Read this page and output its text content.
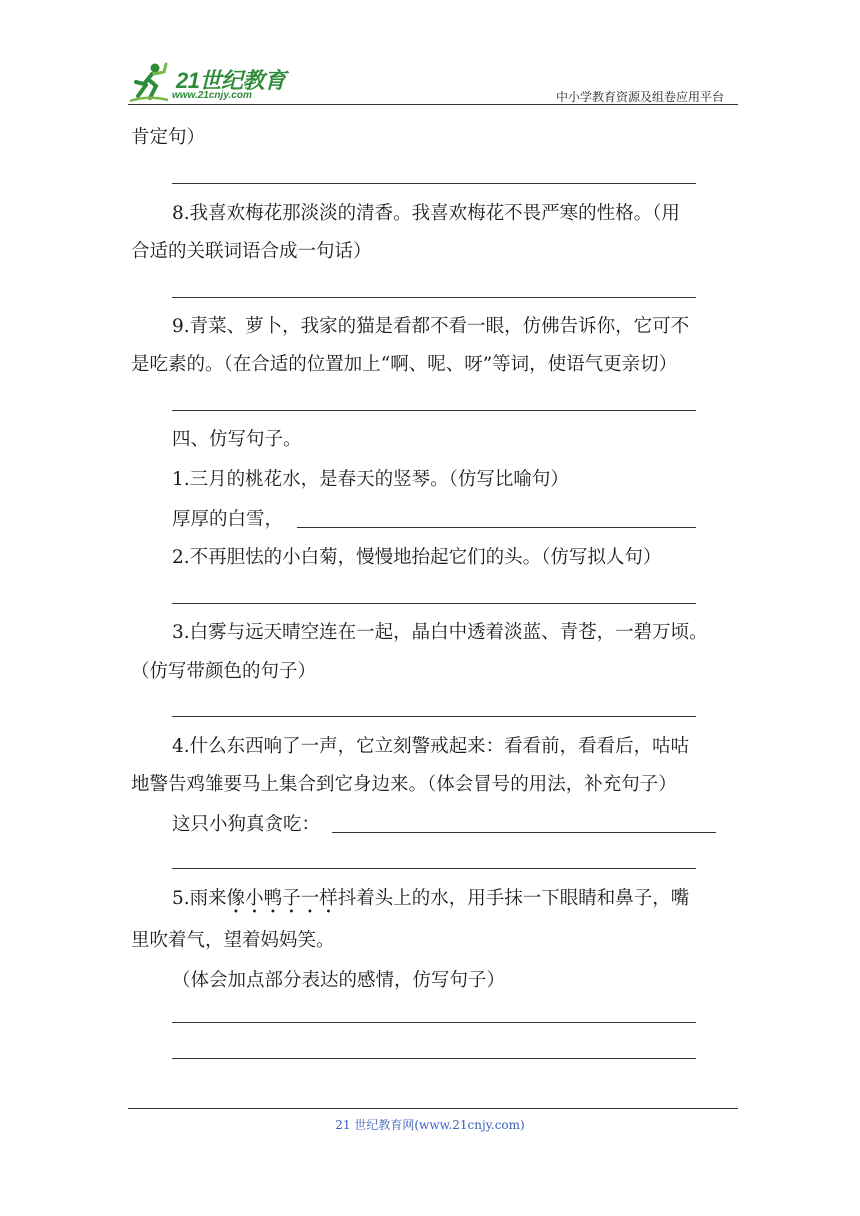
21世纪教育
www.21cnjy.com	中小学教育资源及组卷应用平台
肯定句）
8.我喜欢梅花那淡淡的清香。我喜欢梅花不畏严寒的性格。（用
合适的关联词语合成一句话）
9.青菜、萝卜，我家的猫是看都不看一眼，仿佛告诉你，它可不
是吃素的。（在合适的位置加上“啊、呢、呀”等词，使语气更亲切）
四、仿写句子。
1.三月的桃花水，是春天的竖琴。（仿写比喻句）
厚厚的白雪，
2.不再胆怯的小白菊，慢慢地抬起它们的头。（仿写拟人句）
3.白雾与远天晴空连在一起，晶白中透着淡蓝、青苍，一碧万顷。
（仿写带颜色的句子）
4.什么东西响了一声，它立刻警戒起来：看看前，看看后，咕咕
地警告鸡雏要马上集合到它身边来。（体会冒号的用法，补充句子）
这只小狗真贪吃：
5.雨来像小鸭子一样抖着头上的水，用手抹一下眼睛和鼻子，嘴
里吹着气，望着妈妈笑。
（体会加点部分表达的感情，仿写句子）
21 世纪教育网(www.21cnjy.com)
